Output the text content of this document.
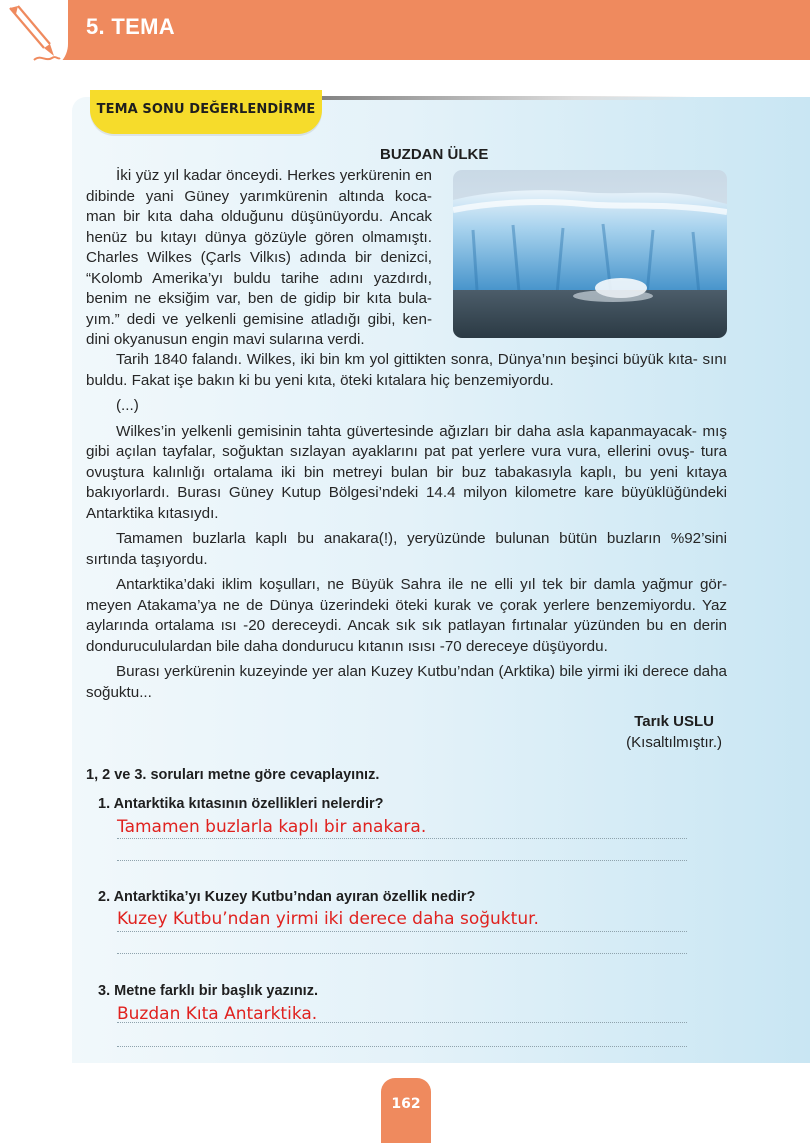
5. TEMA
TEMA SONU DEĞERLENDİRME
BUZDAN ÜLKE

İki yüz yıl kadar önceydi. Herkes yerkürenin en dibinde yani Güney yarımkürenin altında koca- man bir kıta daha olduğunu düşünüyordu. Ancak henüz bu kıtayı dünya gözüyle gören olmamıştı. Charles Wilkes (Çarls Vilkıs) adında bir denizci, “Kolomb Amerika’yı buldu tarihe adını yazdırdı, benim ne eksiğim var, ben de gidip bir kıta bula- yım.” dedi ve yelkenli gemisine atladığı gibi, ken- dini okyanusun engin mavi sularına verdi.

Tarih 1840 falandı. Wilkes, iki bin km yol gittikten sonra, Dünya’nın beşinci büyük kıta- sını buldu. Fakat işe bakın ki bu yeni kıta, öteki kıtalara hiç benzemiyordu.

(...)

Wilkes’in yelkenli gemisinin tahta güvertesinde ağızları bir daha asla kapanmayacak- mış gibi açılan tayfalar, soğuktan sızlayan ayaklarını pat pat yerlere vura vura, ellerini ovuş- tura ovuştura kalınlığı ortalama iki bin metreyi bulan bir buz tabakasıyla kaplı, bu yeni kıtaya bakıyorlardı. Burası Güney Kutup Bölgesi’ndeki 14.4 milyon kilometre kare büyüklüğündeki Antarktika kıtasıydı.

Tamamen buzlarla kaplı bu anakara(!), yeryüzünde bulunan bütün buzların %92’sini sırtında taşıyordu.

Antarktika’daki iklim koşulları, ne Büyük Sahra ile ne elli yıl tek bir damla yağmur gör- meyen Atakama’ya ne de Dünya üzerindeki öteki kurak ve çorak yerlere benzemiyordu. Yaz aylarında ortalama ısı -20 dereceydi. Ancak sık sık patlayan fırtınalar yüzünden bu en derin dondurucululardan bile daha dondurucu kıtanın ısısı -70 dereceye düşüyordu.

Burası yerkürenin kuzeyinde yer alan Kuzey Kutbu’ndan (Arktika) bile yirmi iki derece daha soğuktu...

Tarık USLU
(Kısaltılmıştır.)
1, 2 ve 3. soruları metne göre cevaplayınız.
1. Antarktika kıtasının özellikleri nelerdir?
Tamamen buzlarla kaplı bir anakara.
2. Antarktika’yı Kuzey Kutbu’ndan ayıran özellik nedir?
Kuzey Kutbu’ndan yirmi iki derece daha soğuktur.
3. Metne farklı bir başlık yazınız.
Buzdan Kıta Antarktika.
162
